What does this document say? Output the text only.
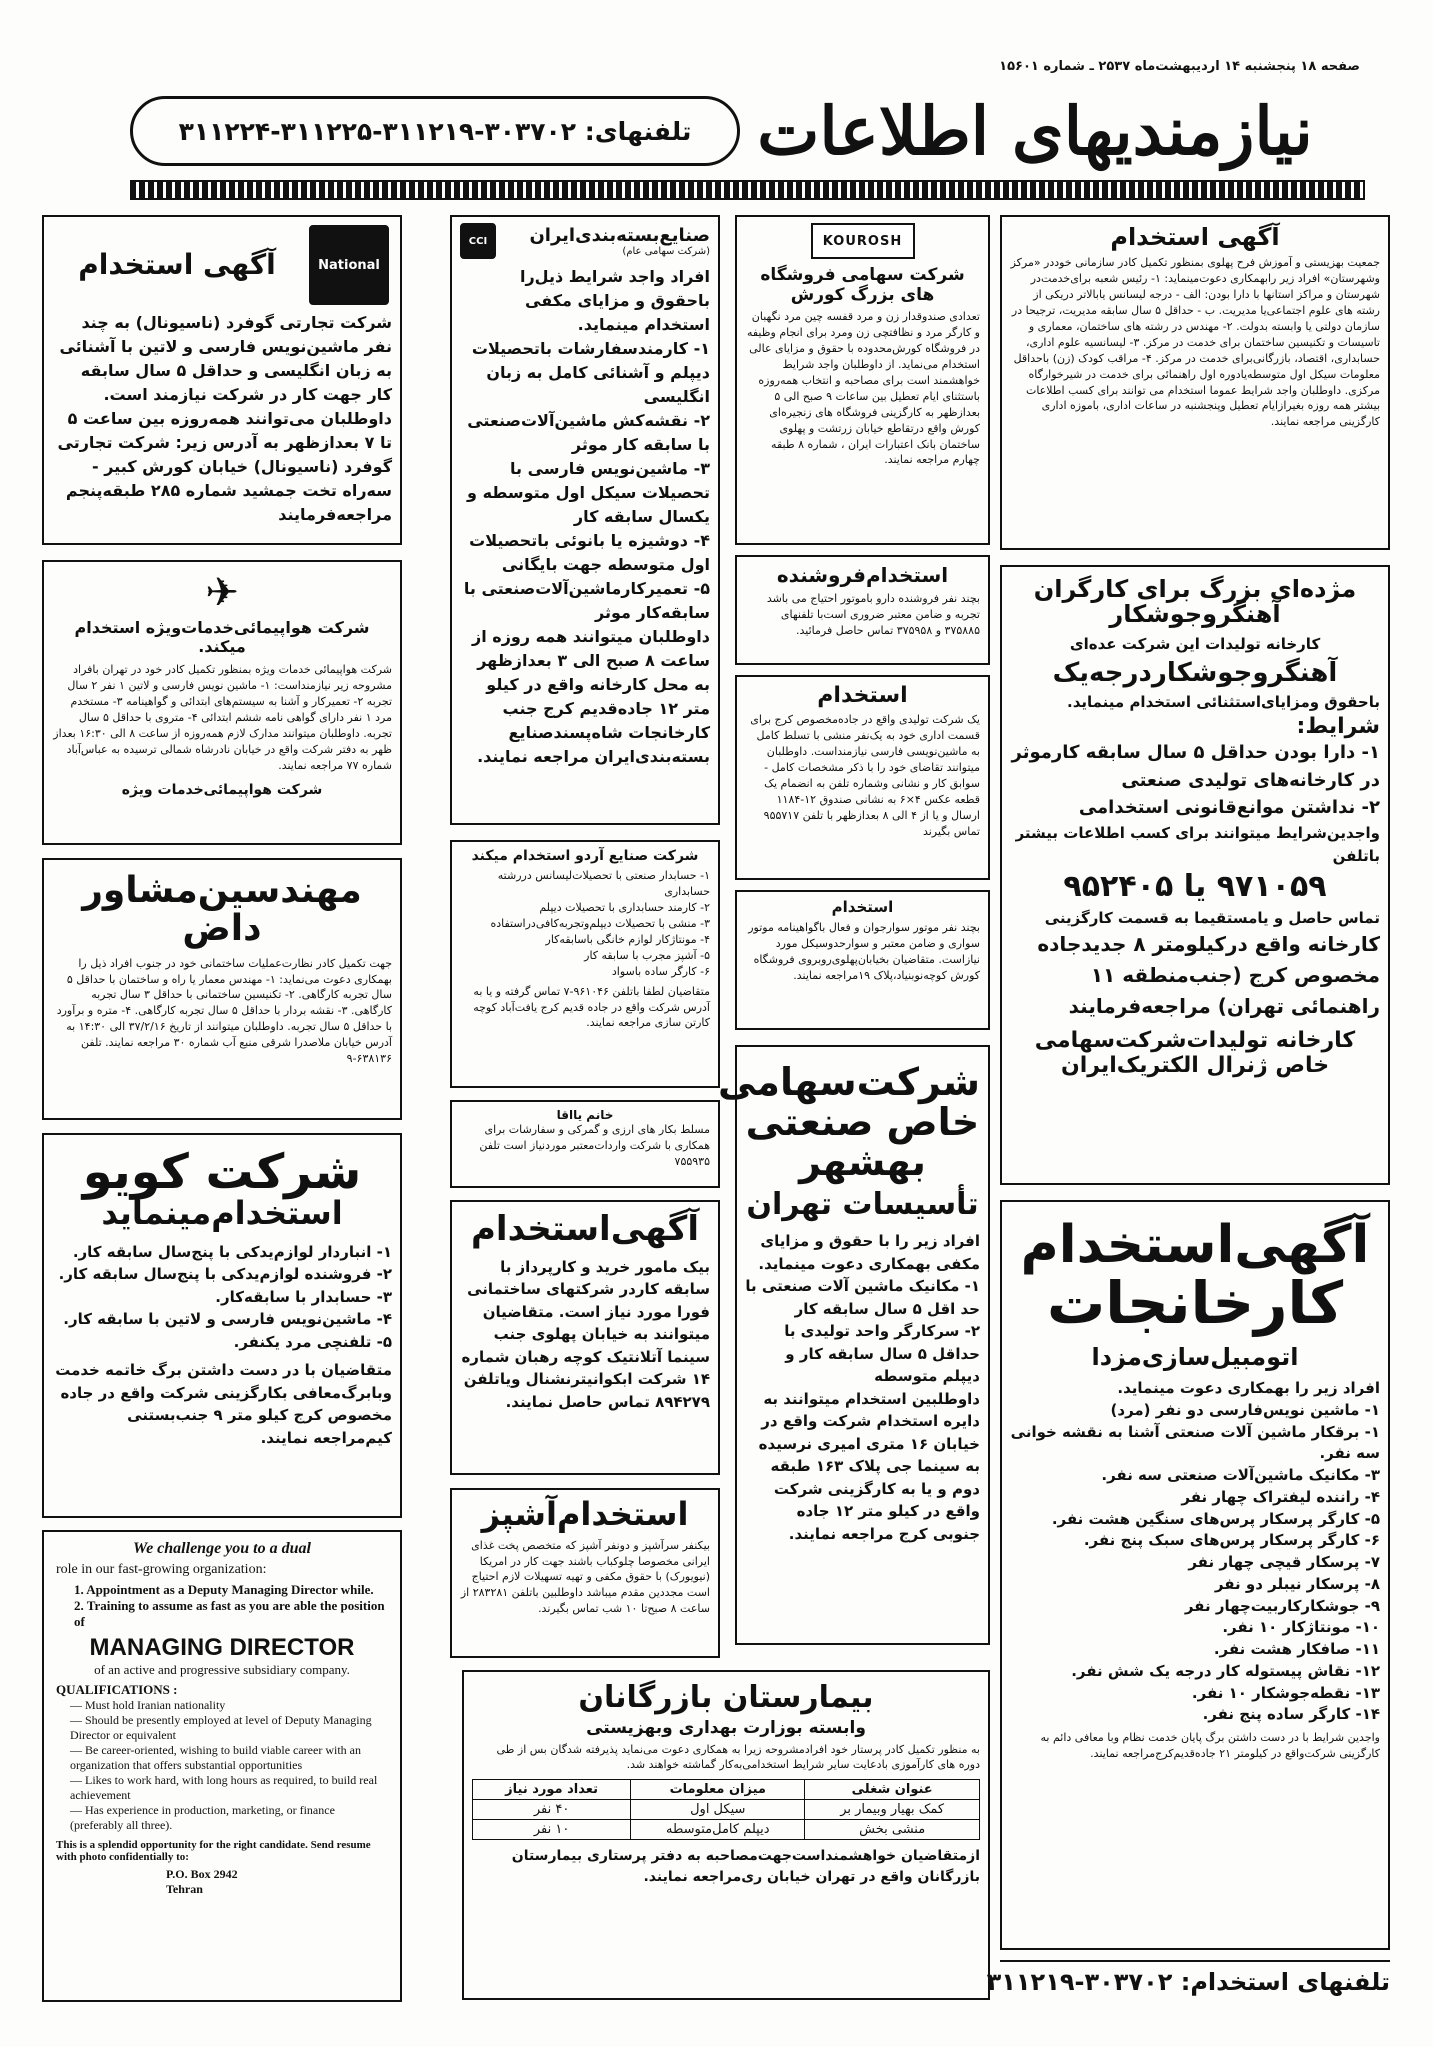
صفحه ۱۸ پنجشنبه ۱۴ اردیبهشت‌ماه ۲۵۳۷ ـ شماره ۱۵۶۰۱
نیازمندیهای اطلاعات
تلفنهای: ۳۰۳۷۰۲-۳۱۱۲۱۹-۳۱۱۲۲۵-۳۱۱۲۲۴
National
آگهی استخدام
شرکت تجارتی گوفرد (ناسیونال) به چند نفر ماشین‌نویس فارسی و لاتین با آشنائی به زبان انگلیسی و حداقل ۵ سال سابقه کار جهت کار در شرکت نیازمند است. داوطلبان می‌توانند همه‌روزه بین ساعت ۵ تا ۷ بعدازظهر به آدرس زیر: شرکت تجارتی گوفرد (ناسیونال) خیابان کورش کبیر - سه‌راه تخت جمشید شماره ۲۸۵ طبقه‌پنجم مراجعه‌فرمایند
✈
شرکت هواپیمائی‌خدمات‌ویژه استخدام میکند.
شرکت هواپیمائی خدمات ویژه بمنظور تکمیل کادر خود در تهران بافراد مشروحه زیر نیازمنداست: ۱- ماشین نویس فارسی و لاتین ۱ نفر ۲ سال تجربه ۲- تعمیرکار و آشنا به سیستم‌های ابتدائی و گواهینامه ۳- مستخدم مرد ۱ نفر دارای گواهی نامه ششم ابتدائی ۴- متروی با حداقل ۵ سال تجربه. داوطلبان میتوانند مدارک لازم همه‌روزه از ساعت ۸ الی ۱۶:۳۰ بعداز ظهر به دفتر شرکت واقع در خیابان نادرشاه شمالی ترسیده به عباس‌آباد شماره ۷۷ مراجعه نمایند.
شرکت هواپیمائی‌خدمات ویژه
مهندسین‌مشاور داض
جهت تکمیل کادر نظارت‌عملیات ساختمانی خود در جنوب افراد ذیل را بهمکاری دعوت می‌نماید: ۱- مهندس معمار یا راه و ساختمان با حداقل ۵ سال تجربه کارگاهی. ۲- تکنیسین ساختمانی با حداقل ۳ سال تجربه کارگاهی. ۳- نقشه بردار با حداقل ۵ سال تجربه کارگاهی. ۴- متره و برآورد با حداقل ۵ سال تجربه. داوطلبان میتوانند از تاریخ ۳۷/۲/۱۶ الی ۱۴:۳۰ به آدرس خیابان ملاصدرا شرقی منبع آب شماره ۳۰ مراجعه نمایند. تلفن ۶۳۸۱۳۶-۹
شرکت کویو
استخدام‌مینماید
۱- انباردار لوازم‌یدکی با پنج‌سال سابقه کار.
۲- فروشنده لوازم‌یدکی با پنج‌سال سابقه کار.
۳- حسابدار با سابقه‌کار.
۴- ماشین‌نویس فارسی و لاتین با سابقه کار.
۵- تلفنچی مرد یکنفر.
متقاضیان با در دست داشتن برگ خاتمه خدمت وبابرگ‌معافی بکارگزینی شرکت واقع در جاده مخصوص کرج کیلو متر ۹ جنب‌بستنی کیم‌مراجعه نمایند.
We challenge you to a dual
role in our fast-growing organization:
1. Appointment as a Deputy Managing Director while.
2. Training to assume as fast as you are able the position of
MANAGING DIRECTOR
of an active and progressive subsidiary company.
QUALIFICATIONS :
— Must hold Iranian nationality
— Should be presently employed at level of Deputy Managing Director or equivalent
— Be career-oriented, wishing to build viable career with an organization that offers substantial opportunities
— Likes to work hard, with long hours as required, to build real achievement
— Has experience in production, marketing, or finance (preferably all three).
This is a splendid opportunity for the right candidate. Send resume with photo confidentially to:
P.O. Box 2942
Tehran
صنایع‌بسته‌بندی‌ایران
(شرکت سهامی عام)
CCI
افراد واجد شرایط ذیل‌را باحقوق و مزایای مکفی استخدام مینماید.
۱- کارمندسفارشات باتحصیلات دیپلم و آشنائی کامل به زبان انگلیسی
۲- نقشه‌کش ماشین‌آلات‌صنعتی با سابقه کار موثر
۳- ماشین‌نویس فارسی با تحصیلات سیکل اول متوسطه و یکسال سابقه کار
۴- دوشیزه یا بانوئی باتحصیلات اول متوسطه جهت بایگانی
۵- تعمیرکارماشین‌آلات‌صنعتی با سابقه‌کار موثر
داوطلبان میتوانند همه روزه از ساعت ۸ صبح الی ۳ بعدازظهر به محل کارخانه واقع در کیلو متر ۱۲ جاده‌قدیم کرج جنب کارخانجات شاه‌پسندصنایع بسته‌بندی‌ایران مراجعه نمایند.
شرکت صنایع آردو استخدام میکند
۱- حسابدار صنعتی با تحصیلات‌لیسانس دررشته حسابداری
۲- کارمند حسابداری با تحصیلات دیپلم
۳- منشی با تحصیلات دیپلم‌وتجربه‌کافی‌دراستفاده
۴- مونتاژکار لوازم خانگی باسابقه‌کار
۵- آشپز مجرب با سابقه کار
۶- کارگر ساده باسواد
متقاضیان لطفا باتلفن ۹۶۱۰۴۶-۷ تماس گرفته و یا به آدرس شرکت واقع در جاده قدیم کرج یافت‌آباد کوچه کارتن سازی مراجعه نمایند.
خانم یااقا
مسلط بکار های ارزی و گمرکی و سفارشات برای همکاری با شرکت واردات‌معتبر موردنیاز است تلفن ۷۵۵۹۳۵
آگهی‌استخدام
بیک مامور خرید و کارپرداز با سابقه کاردر شرکتهای ساختمانی فورا مورد نیاز است. متقاضیان میتوانند به خیابان پهلوی جنب سینما آتلانتیک کوچه رهبان شماره ۱۴ شرکت ابکوانیترنشنال ویاتلفن ۸۹۴۲۷۹ تماس حاصل نمایند.
استخدام‌آشپز
بیکنفر سرآشپز و دونفر آشپز که متخصص پخت غذای ایرانی مخصوصا چلوکباب باشند جهت کار در امریکا (نیویورک) با حقوق مکفی و تهیه تسهیلات لازم احتیاج است مجددین مقدم میباشد داوطلبین باتلفن ۲۸۳۲۸۱ از ساعت ۸ صبح‌تا ۱۰ شب تماس بگیرند.
KOUROSH
شرکت سهامی فروشگاه های بزرگ کورش
تعدادی صندوقدار زن و مرد قفسه چین مرد نگهبان و کارگر مرد و نظافتچی زن ومرد برای انجام وظیفه در فروشگاه کورش‌محدوده با حقوق و مزایای عالی استخدام می‌نماید. از داوطلبان واجد شرایط خواهشمند است برای مصاحبه و انتخاب همه‌روزه باستثنای ایام تعطیل بین ساعات ۹ صبح الی ۵ بعدازظهر به کارگزینی فروشگاه های زنجیره‌ای کورش واقع درتقاطع خیابان زرتشت و پهلوی ساختمان بانک اعتبارات ایران ، شماره ۸ طبقه چهارم مراجعه نمایند.
استخدام‌فروشنده
بچند نفر فروشنده دارو باموتور احتیاج می باشد تجربه و ضامن معتبر ضروری است‌با تلفنهای ۳۷۵۸۸۵ و ۳۷۵۹۵۸ تماس حاصل فرمائید.
استخدام
یک شرکت تولیدی واقع در جاده‌مخصوص کرج برای قسمت اداری خود به یک‌نفر منشی با تسلط کامل به ماشین‌نویسی فارسی نیازمنداست. داوطلبان میتوانند تقاضای خود را با ذکر مشخصات کامل - سوابق کار و نشانی وشماره تلفن به انضمام یک قطعه عکس ۴×۶ به نشانی صندوق ۱۲-۱۱۸۴ ارسال و یا از ۴ الی ۸ بعدازظهر با تلفن ۹۵۵۷۱۷ تماس بگیرند
استخدام
بچند نفر موتور سوارجوان و فعال باگواهینامه موتور سواری و ضامن معتبر و سوارحدوسیکل مورد نیازاست. متقاضیان بخیابان‌پهلوی‌روبروی فروشگاه کورش کوچه‌نوبنیاد،پلاک ۱۹مراجعه نمایند.
شرکت‌سهامی خاص صنعتی بهشهر
تأسیسات تهران
افراد زیر را با حقوق و مزایای مکفی بهمکاری دعوت مینماید.
۱- مکانیک ماشین آلات صنعتی با حد اقل ۵ سال سابقه کار
۲- سرکارگر واحد تولیدی با حداقل ۵ سال سابقه کار و دیپلم متوسطه
داوطلبین استخدام میتوانند به دایره استخدام شرکت واقع در خیابان ۱۶ متری امیری نرسیده به سینما جی پلاک ۱۶۳ طبقه دوم و یا به کارگزینی شرکت واقع در کیلو متر ۱۲ جاده جنوبی کرج مراجعه نمایند.
بیمارستان بازرگانان
وابسته بوزارت بهداری وبهزیستی
به منظور تکمیل کادر پرستار خود افرادمشروحه زیرا به همکاری دعوت می‌نماید پذیرفته شدگان بس از طی دوره های کارآموزی بادعایت سایر شرایط استخدامی‌به‌کار گماشته خواهند شد.
عنوان شغلی	میزان معلومات	تعداد مورد نیاز
کمک بهیار وبیمار بر	سیکل اول	۴۰ نفر
منشی بخش	دیپلم کامل‌متوسطه	۱۰ نفر
ازمتقاضیان خواهشمنداست‌جهت‌مصاحبه به دفتر پرستاری بیمارستان بازرگانان واقع در تهران خیابان ری‌مراجعه نمایند.
آگهی استخدام
جمعیت بهزیستی و آموزش فرح پهلوی بمنظور تکمیل کادر سازمانی خوددر «مرکز وشهرستان» افراد زیر رابهمکاری دعوت‌مینماید: ۱- رئیس شعبه برای‌خدمت‌در شهرستان و مراکز استانها با دارا بودن: الف - درجه لیسانس یابالاتر دریکی از رشته های علوم اجتماعی‌یا مدیریت. ب - حداقل ۵ سال سابقه مدیریت، ترجیحا در سازمان دولتی یا وابسته بدولت. ۲- مهندس در رشته های ساختمان، معماری و تاسیسات و تکنیسین ساختمان برای خدمت در مرکز. ۳- لیسانسیه علوم اداری، حسابداری، اقتصاد، بازرگانی‌برای خدمت در مرکز. ۴- مراقب کودک (زن) باحداقل معلومات سیکل اول متوسطه‌یادوره اول راهنمائی برای خدمت در شیرخوارگاه مرکزی. داوطلبان واجد شرایط عموما استخدام می توانند برای کسب اطلاعات بیشتر همه روزه بغیرازایام تعطیل وپنجشنبه در ساعات اداری، باموزه اداری کارگزینی مراجعه نمایند.
مژده‌ای بزرگ برای کارگران آهنگروجوشکار
کارخانه تولیدات این شرکت عده‌ای
آهنگروجوشکاردرجه‌یک
باحقوق ومزایای‌استثنائی استخدام مینماید.
شرایط:
۱- دارا بودن حداقل ۵ سال سابقه کارموثر در کارخانه‌های تولیدی صنعتی
۲- نداشتن موانع‌قانونی استخدامی
واجدین‌شرایط میتوانند برای کسب اطلاعات بیشتر باتلفن
۹۷۱۰۵۹ یا ۹۵۲۴۰۵
تماس حاصل و یامستقیما به قسمت کارگزینی
کارخانه واقع درکیلومتر ۸ جدیدجاده مخصوص کرج (جنب‌منطقه ۱۱ راهنمائی تهران) مراجعه‌فرمایند
کارخانه‌ تولیدات‌شرکت‌سهامی خاص ژنرال الکتریک‌ایران
آگهی‌استخدام
کارخانجات
اتومبیل‌سازی‌مزدا
افراد زیر را بهمکاری دعوت مینماید.
۱- ماشین نویس‌فارسی دو نفر (مرد)
۱- برقکار ماشین آلات صنعتی آشنا به نقشه خوانی سه نفر.
۳- مکانیک ماشین‌آلات صنعتی سه نفر.
۴- راننده لیفتراک چهار نفر
۵- کارگر پرسکار پرس‌های سنگین هشت نفر.
۶- کارگر پرسکار پرس‌های سبک پنج نفر.
۷- پرسکار قیچی چهار نفر
۸- پرسکار نیبلر دو نفر
۹- جوشکارکاربیت‌چهار نفر
۱۰- مونتاژکار ۱۰ نفر.
۱۱- صافکار هشت نفر.
۱۲- نقاش پیستوله کار درجه یک شش نفر.
۱۳- نقطه‌جوشکار ۱۰ نفر.
۱۴- کارگر ساده پنج نفر.
واجدین شرایط با در دست داشتن برگ پایان خدمت نظام وبا معافی دائم به کارگزینی شرکت‌واقع در کیلومتر ۲۱ جاده‌قدیم‌کرج‌مراجعه نمایند.
تلفنهای استخدام: ۳۰۳۷۰۲-۳۱۱۲۱۹
